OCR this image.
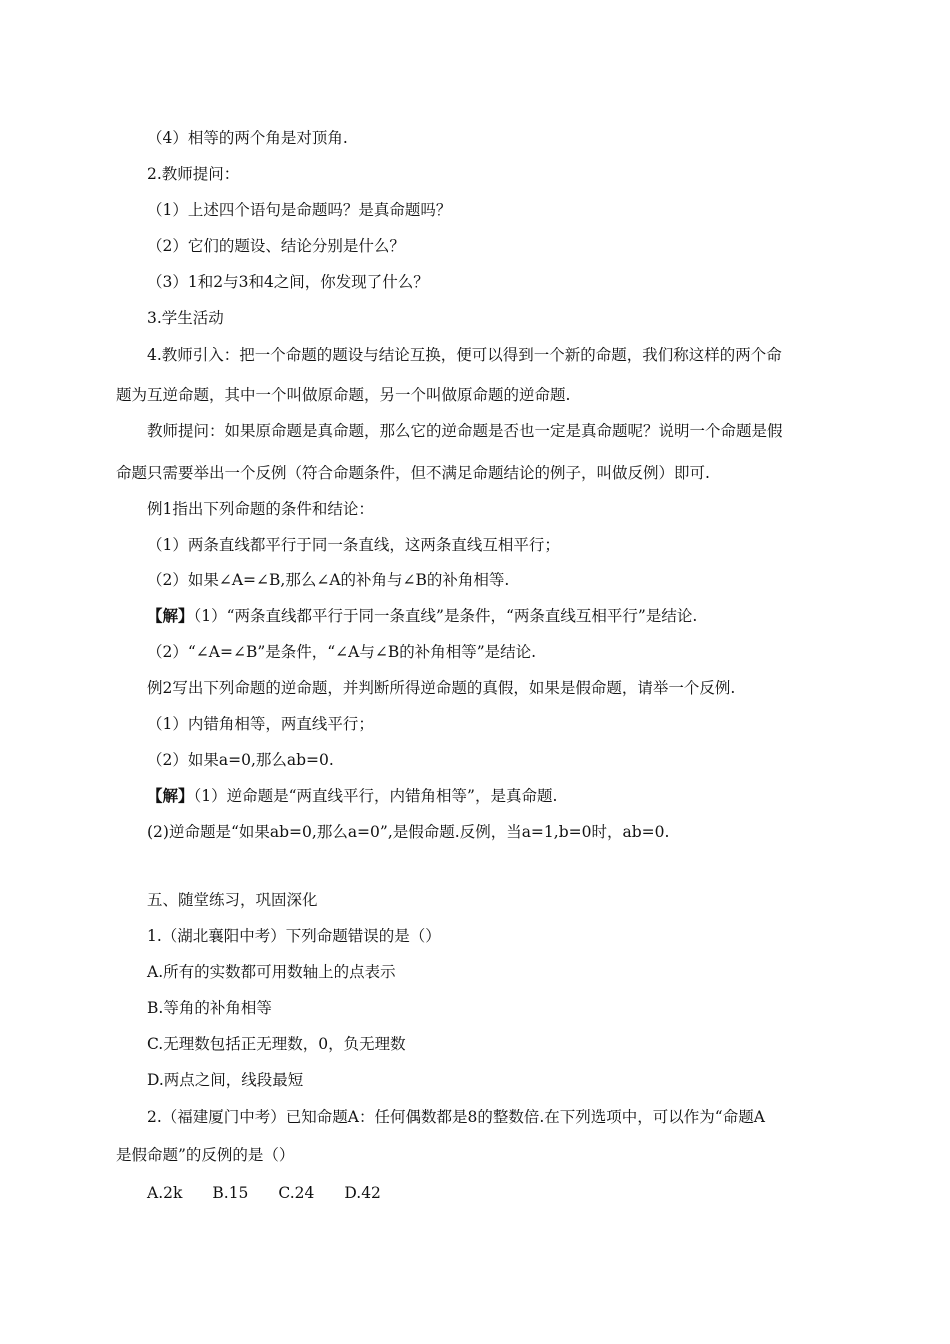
（4）相等的两个角是对顶角.
2.教师提问：
（1）上述四个语句是命题吗？是真命题吗？
（2）它们的题设、结论分别是什么？
（3）1和2与3和4之间，你发现了什么？
3.学生活动
4.教师引入：把一个命题的题设与结论互换，便可以得到一个新的命题，我们称这样的两个命
题为互逆命题，其中一个叫做原命题，另一个叫做原命题的逆命题.
教师提问：如果原命题是真命题，那么它的逆命题是否也一定是真命题呢？说明一个命题是假
命题只需要举出一个反例（符合命题条件，但不满足命题结论的例子，叫做反例）即可.
例1指出下列命题的条件和结论：
（1）两条直线都平行于同一条直线，这两条直线互相平行；
（2）如果∠A=∠B,那么∠A的补角与∠B的补角相等.
【解】（1）“两条直线都平行于同一条直线”是条件，“两条直线互相平行”是结论.
（2）“∠A=∠B”是条件，“∠A与∠B的补角相等”是结论.
例2写出下列命题的逆命题，并判断所得逆命题的真假，如果是假命题，请举一个反例.
（1）内错角相等，两直线平行；
（2）如果a=0,那么ab=0.
【解】（1）逆命题是“两直线平行，内错角相等”，是真命题.
(2)逆命题是“如果ab=0,那么a=0”,是假命题.反例，当a=1,b=0时，ab=0.
五、随堂练习，巩固深化
1.（湖北襄阳中考）下列命题错误的是（）
A.所有的实数都可用数轴上的点表示
B.等角的补角相等
C.无理数包括正无理数，0，负无理数
D.两点之间，线段最短
2.（福建厦门中考）已知命题A：任何偶数都是8的整数倍.在下列选项中，可以作为“命题A
是假命题”的反例的是（）
A.2k B.15 C.24 D.42
